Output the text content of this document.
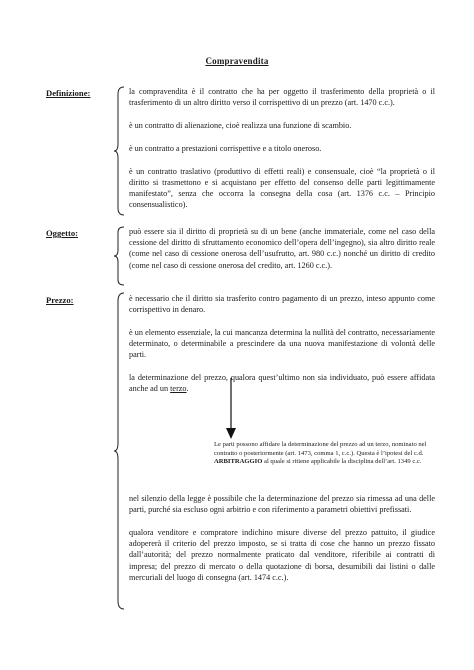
Compravendita
Definizione:	la compravendita è il contratto che ha per oggetto il trasferimento della proprietà o il trasferimento di un altro diritto verso il corrispettivo di un prezzo (art. 1470 c.c.).

è un contratto di alienazione, cioè realizza una funzione di scambio.

è un contratto a prestazioni corrispettive e a titolo oneroso.

è un contratto traslativo (produttivo di effetti reali) e consensuale, cioè “la proprietà o il diritto si trasmettono e si acquistano per effetto del consenso delle parti legittimamente manifestato”, senza che occorra la consegna della cosa (art. 1376 c.c. – Principio consensualistico).

Oggetto:	può essere sia il diritto di proprietà su di un bene (anche immateriale, come nel caso della cessione del diritto di sfruttamento economico dell’opera dell’ingegno), sia altro diritto reale (come nel caso di cessione onerosa dell’usufrutto, art. 980 c.c.) nonché un diritto di credito (come nel caso di cessione onerosa del credito, art. 1260 c.c.).

Prezzo:	è necessario che il diritto sia trasferito contro pagamento di un prezzo, inteso appunto come corrispettivo in denaro.

è un elemento essenziale, la cui mancanza determina la nullità del contratto, necessariamente determinato, o determinabile a prescindere da una nuova manifestazione di volontà delle parti.

la determinazione del prezzo, qualora quest’ultimo non sia individuato, può essere affidata anche ad un terzo.

Le parti possono affidare la determinazione del prezzo ad un terzo, nominato nel contratto o posteriormente (art. 1473, comma 1, c.c.). Questa è l’ipotesi del c.d. ARBITRAGGIO al quale si ritiene applicabile la disciplina dell’art. 1349 c.c.

nel silenzio della legge è possibile che la determinazione del prezzo sia rimessa ad una delle parti, purché sia escluso ogni arbitrio e con riferimento a parametri obiettivi prefissati.

qualora venditore e compratore indichino misure diverse del prezzo pattuito, il giudice adopererà il criterio del prezzo imposto, se si tratta di cose che hanno un prezzo fissato dall’autorità; del prezzo normalmente praticato dal venditore, riferibile ai contratti di impresa; del prezzo di mercato o della quotazione di borsa, desumibili dai listini o dalle mercuriali del luogo di consegna (art. 1474 c.c.).
